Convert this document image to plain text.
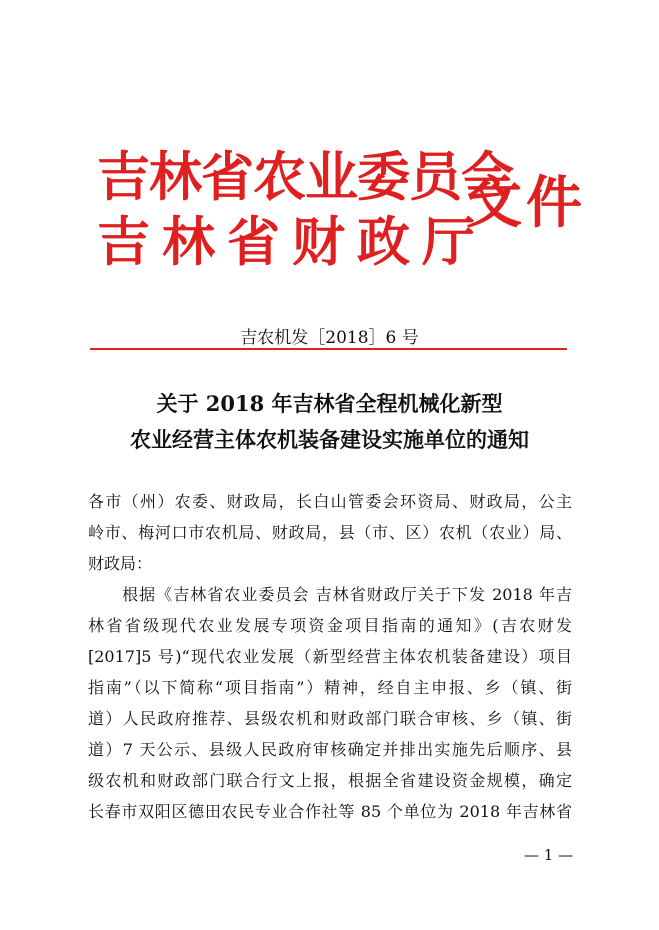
吉林省农业委员会
吉林省财政厅
文件
吉农机发［2018］6 号
关于 2018 年吉林省全程机械化新型
农业经营主体农机装备建设实施单位的通知
各市（州）农委、财政局，长白山管委会环资局、财政局，公主
岭市、梅河口市农机局、财政局，县（市、区）农机（农业）局、
财政局：
　　根据《吉林省农业委员会 吉林省财政厅关于下发 2018 年吉
林省省级现代农业发展专项资金项目指南的通知》(吉农财发
[2017]5 号)“现代农业发展（新型经营主体农机装备建设）项目
指南”（以下简称“项目指南”）精神，经自主申报、乡（镇、街
道）人民政府推荐、县级农机和财政部门联合审核、乡（镇、街
道）7 天公示、县级人民政府审核确定并排出实施先后顺序、县
级农机和财政部门联合行文上报，根据全省建设资金规模，确定
长春市双阳区德田农民专业合作社等 85 个单位为 2018 年吉林省
— 1 —
